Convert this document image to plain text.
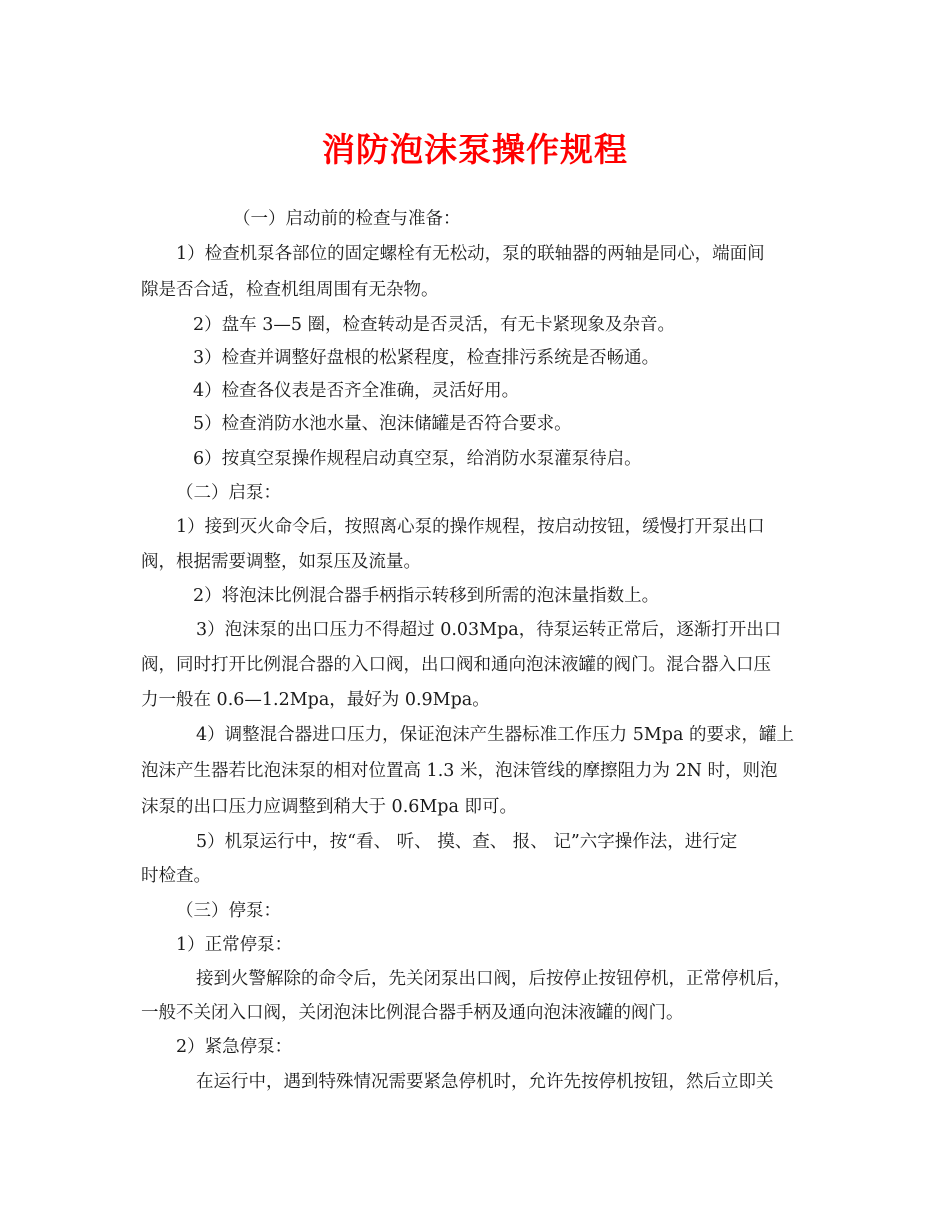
消防泡沫泵操作规程
（一）启动前的检查与准备：
1）检查机泵各部位的固定螺栓有无松动，泵的联轴器的两轴是同心，端面间
隙是否合适，检查机组周围有无杂物。
2）盘车 3—5 圈，检查转动是否灵活，有无卡紧现象及杂音。
3）检查并调整好盘根的松紧程度，检查排污系统是否畅通。
4）检查各仪表是否齐全准确，灵活好用。
5）检查消防水池水量、泡沫储罐是否符合要求。
6）按真空泵操作规程启动真空泵，给消防水泵灌泵待启。
（二）启泵：
1）接到灭火命令后，按照离心泵的操作规程，按启动按钮，缓慢打开泵出口
阀，根据需要调整，如泵压及流量。
2）将泡沫比例混合器手柄指示转移到所需的泡沫量指数上。
3）泡沫泵的出口压力不得超过 0.03Mpa，待泵运转正常后，逐渐打开出口
阀，同时打开比例混合器的入口阀，出口阀和通向泡沫液罐的阀门。混合器入口压
力一般在 0.6—1.2Mpa，最好为 0.9Mpa。
4）调整混合器进口压力，保证泡沫产生器标准工作压力 5Mpa 的要求，罐上
泡沫产生器若比泡沫泵的相对位置高 1.3 米，泡沫管线的摩擦阻力为 2N 时，则泡
沫泵的出口压力应调整到稍大于 0.6Mpa 即可。
5）机泵运行中，按“看、 听、 摸、查、 报、 记”六字操作法，进行定
时检查。
（三）停泵：
1）正常停泵：
接到火警解除的命令后，先关闭泵出口阀，后按停止按钮停机，正常停机后，
一般不关闭入口阀，关闭泡沫比例混合器手柄及通向泡沫液罐的阀门。
2）紧急停泵：
在运行中，遇到特殊情况需要紧急停机时，允许先按停机按钮，然后立即关
